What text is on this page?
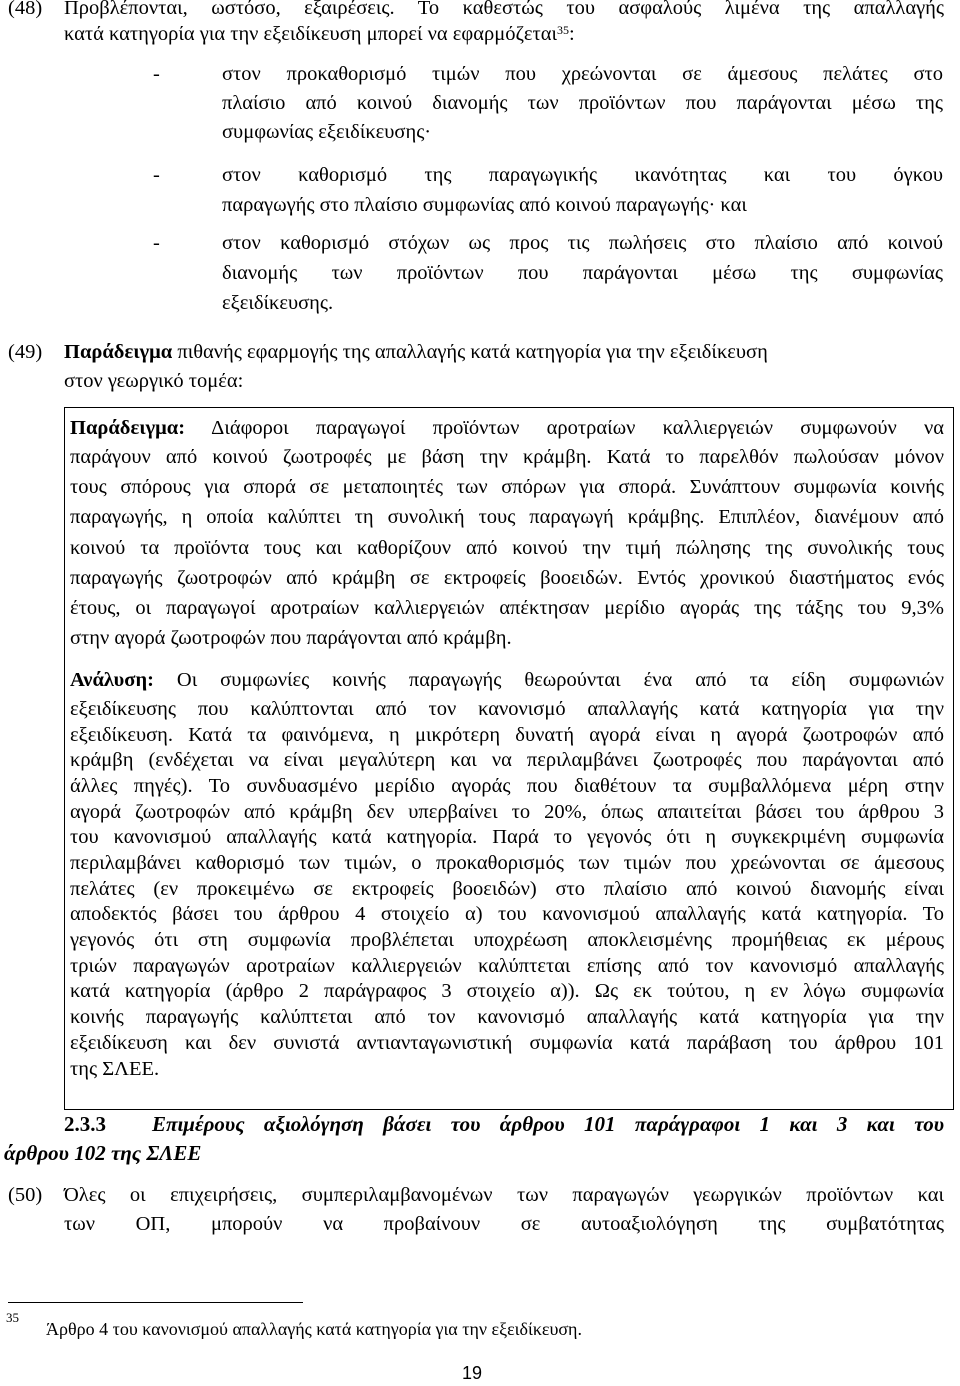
(48) Προβλέπονται, ωστόσο, εξαιρέσεις. Το καθεστώς του ασφαλούς λιμένα της απαλλαγής
κατά κατηγορία για την εξειδίκευση μπορεί να εφαρμόζεται$^{35}$:
-	στον προκαθορισμό τιμών που χρεώνονται σε άμεσους πελάτες στο
πλαίσιο από κοινού διανομής των προϊόντων που παράγονται μέσω της
συμφωνίας εξειδίκευσης·
-	στον καθορισμό της παραγωγικής ικανότητας και του όγκου
παραγωγής στο πλαίσιο συμφωνίας από κοινού παραγωγής· και
-	στον καθορισμό στόχων ως προς τις πωλήσεις στο πλαίσιο από κοινού
διανομής των προϊόντων που παράγονται μέσω της συμφωνίας
εξειδίκευσης.
(49) Παράδειγμα πιθανής εφαρμογής της απαλλαγής κατά κατηγορία για την εξειδίκευση
στον γεωργικό τομέα:
Παράδειγμα: Διάφοροι παραγωγοί προϊόντων αροτραίων καλλιεργειών συμφωνούν να
παράγουν από κοινού ζωοτροφές με βάση την κράμβη. Κατά το παρελθόν πωλούσαν μόνον
τους σπόρους για σπορά σε μεταποιητές των σπόρων για σπορά. Συνάπτουν συμφωνία κοινής
παραγωγής, η οποία καλύπτει τη συνολική τους παραγωγή κράμβης. Επιπλέον, διανέμουν από
κοινού τα προϊόντα τους και καθορίζουν από κοινού την τιμή πώλησης της συνολικής τους
παραγωγής ζωοτροφών από κράμβη σε εκτροφείς βοοειδών. Εντός χρονικού διαστήματος ενός
έτους, οι παραγωγοί αροτραίων καλλιεργειών απέκτησαν μερίδιο αγοράς της τάξης του 9,3%
στην αγορά ζωοτροφών που παράγονται από κράμβη.
Ανάλυση: Οι συμφωνίες κοινής παραγωγής θεωρούνται ένα από τα είδη συμφωνιών
εξειδίκευσης που καλύπτονται από τον κανονισμό απαλλαγής κατά κατηγορία για την
εξειδίκευση. Κατά τα φαινόμενα, η μικρότερη δυνατή αγορά είναι η αγορά ζωοτροφών από
κράμβη (ενδέχεται να είναι μεγαλύτερη και να περιλαμβάνει ζωοτροφές που παράγονται από
άλλες πηγές). Το συνδυασμένο μερίδιο αγοράς που διαθέτουν τα συμβαλλόμενα μέρη στην
αγορά ζωοτροφών από κράμβη δεν υπερβαίνει το 20%, όπως απαιτείται βάσει του άρθρου 3
του κανονισμού απαλλαγής κατά κατηγορία. Παρά το γεγονός ότι η συγκεκριμένη συμφωνία
περιλαμβάνει καθορισμό των τιμών, ο προκαθορισμός των τιμών που χρεώνονται σε άμεσους
πελάτες (εν προκειμένω σε εκτροφείς βοοειδών) στο πλαίσιο από κοινού διανομής είναι
αποδεκτός βάσει του άρθρου 4 στοιχείο α) του κανονισμού απαλλαγής κατά κατηγορία. Το
γεγονός ότι στη συμφωνία προβλέπεται υποχρέωση αποκλεισμένης προμήθειας εκ μέρους
τριών παραγωγών αροτραίων καλλιεργειών καλύπτεται επίσης από τον κανονισμό απαλλαγής
κατά κατηγορία (άρθρο 2 παράγραφος 3 στοιχείο α)). Ως εκ τούτου, η εν λόγω συμφωνία
κοινής παραγωγής καλύπτεται από τον κανονισμό απαλλαγής κατά κατηγορία για την
εξειδίκευση και δεν συνιστά αντιανταγωνιστική συμφωνία κατά παράβαση του άρθρου 101
της ΣΛΕΕ.
2.3.3 Επιμέρους αξιολόγηση βάσει του άρθρου 101 παράγραφοι 1 και 3 και του
άρθρου 102 της ΣΛΕΕ
(50) Όλες οι επιχειρήσεις, συμπεριλαμβανομένων των παραγωγών γεωργικών προϊόντων και
των ΟΠ, μπορούν να προβαίνουν σε αυτοαξιολόγηση της συμβατότητας
35
Άρθρο 4 του κανονισμού απαλλαγής κατά κατηγορία για την εξειδίκευση.
19
